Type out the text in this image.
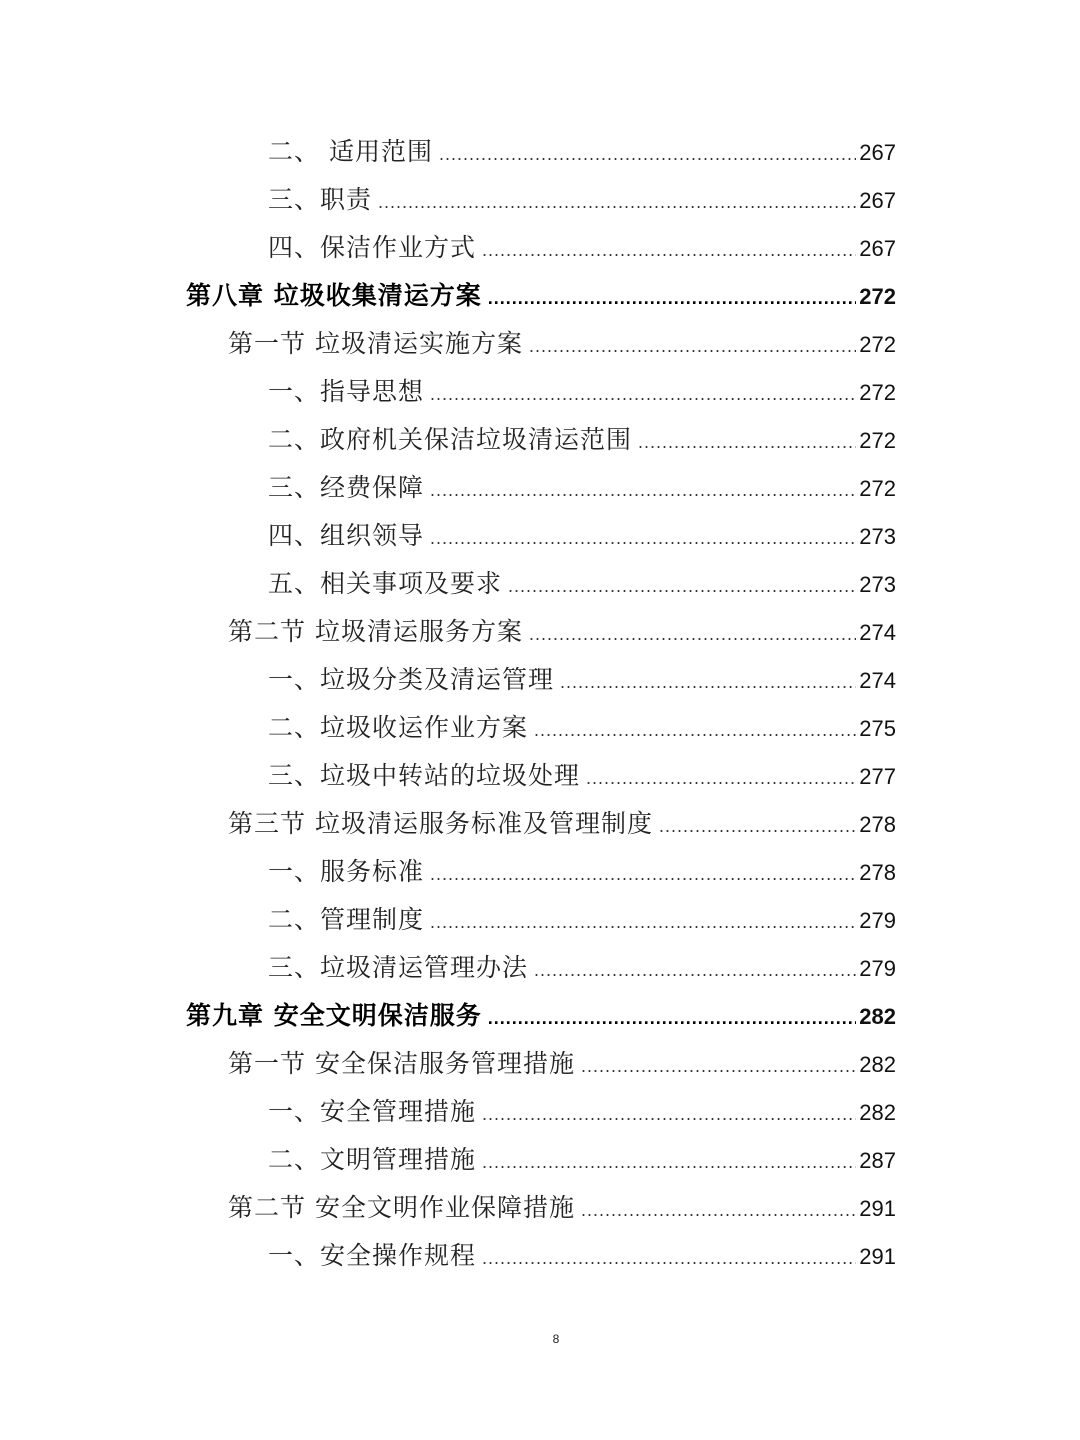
二、 适用范围 .....	267
三、职责 .....	267
四、保洁作业方式 .....	267
第八章 垃圾收集清运方案 .....	272
第一节 垃圾清运实施方案 .....	272
一、指导思想 .....	272
二、政府机关保洁垃圾清运范围 .....	272
三、经费保障 .....	272
四、组织领导 .....	273
五、相关事项及要求 .....	273
第二节 垃圾清运服务方案 .....	274
一、垃圾分类及清运管理 .....	274
二、垃圾收运作业方案 .....	275
三、垃圾中转站的垃圾处理 .....	277
第三节 垃圾清运服务标准及管理制度 .....	278
一、服务标准 .....	278
二、管理制度 .....	279
三、垃圾清运管理办法 .....	279
第九章 安全文明保洁服务 .....	282
第一节 安全保洁服务管理措施 .....	282
一、安全管理措施 .....	282
二、文明管理措施 .....	287
第二节 安全文明作业保障措施 .....	291
一、安全操作规程 .....	291
8
